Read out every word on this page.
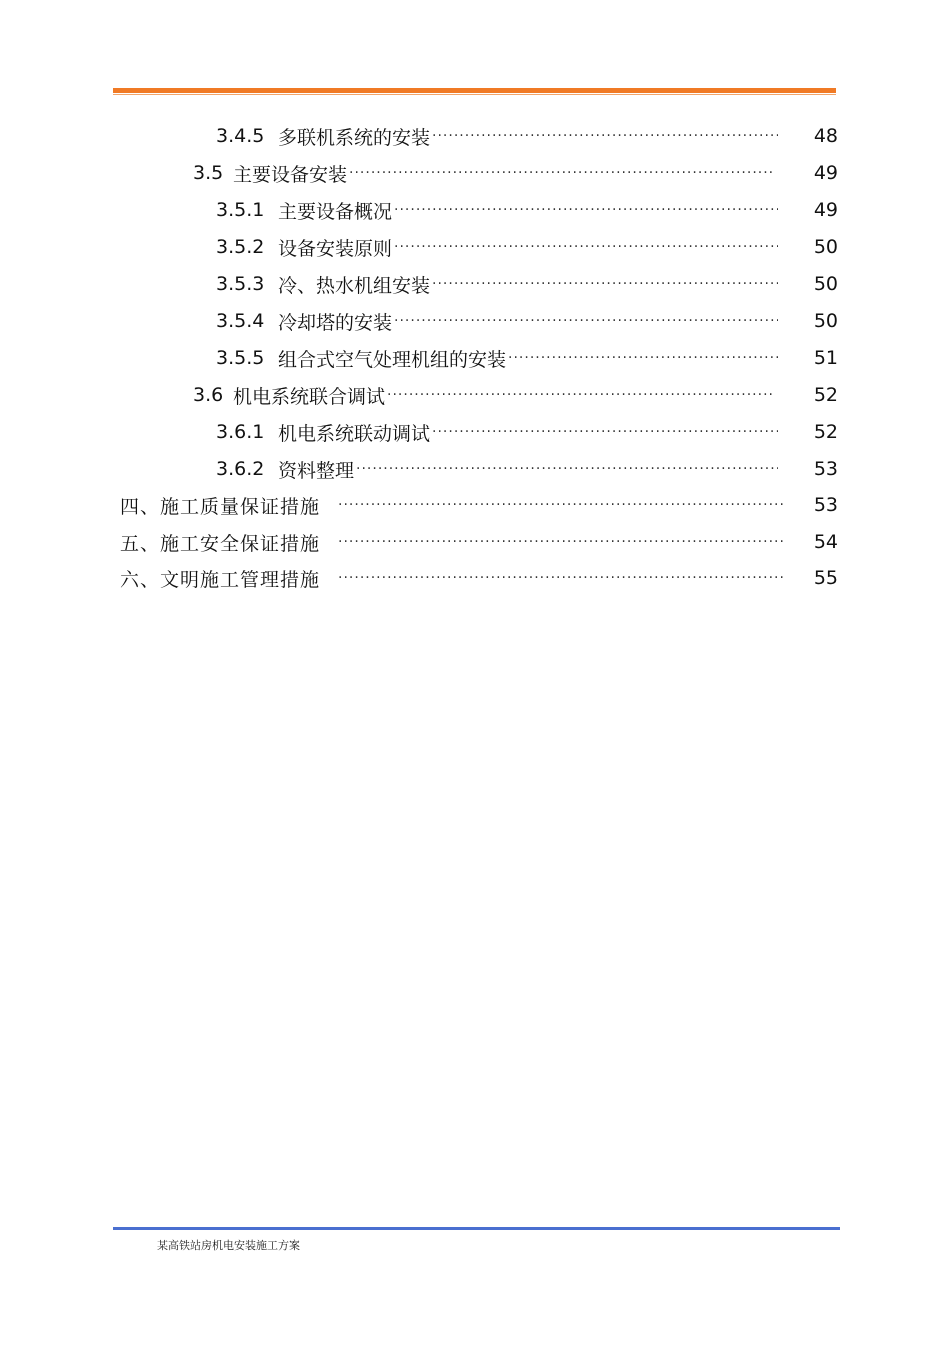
3.4.5 多联机系统的安装 ·····	48
3.5 主要设备安装 ·····	49
3.5.1 主要设备概况 ·····	49
3.5.2 设备安装原则 ·····	50
3.5.3 冷、热水机组安装 ·····	50
3.5.4 冷却塔的安装 ·····	50
3.5.5 组合式空气处理机组的安装 ·····	51
3.6 机电系统联合调试 ·····	52
3.6.1 机电系统联动调试 ·····	52
3.6.2 资料整理 ·····	53
四、施工质量保证措施 ·····	53
五、施工安全保证措施 ·····	54
六、文明施工管理措施 ·····	55
某高铁站房机电安装施工方案
